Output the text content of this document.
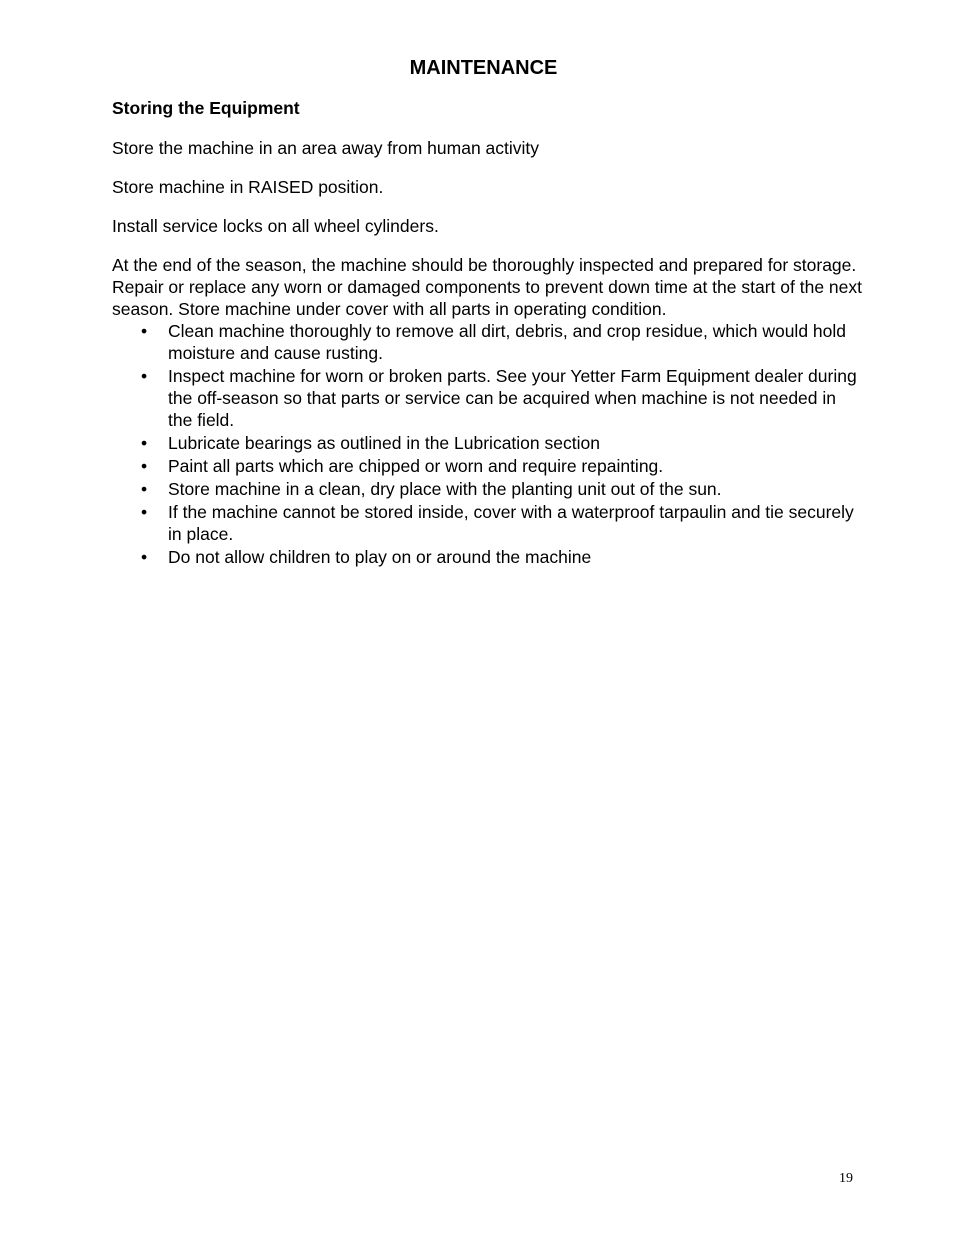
MAINTENANCE

Storing the Equipment

Store the machine in an area away from human activity

Store machine in RAISED position.

Install service locks on all wheel cylinders.

At the end of the season, the machine should be thoroughly inspected and prepared for storage. Repair or replace any worn or damaged components to prevent down time at the start of the next season. Store machine under cover with all parts in operating condition.

• Clean machine thoroughly to remove all dirt, debris, and crop residue, which would hold moisture and cause rusting.
• Inspect machine for worn or broken parts. See your Yetter Farm Equipment dealer during the off-season so that parts or service can be acquired when machine is not needed in the field.
• Lubricate bearings as outlined in the Lubrication section
• Paint all parts which are chipped or worn and require repainting.
• Store machine in a clean, dry place with the planting unit out of the sun.
• If the machine cannot be stored inside, cover with a waterproof tarpaulin and tie securely in place.
• Do not allow children to play on or around the machine
19
